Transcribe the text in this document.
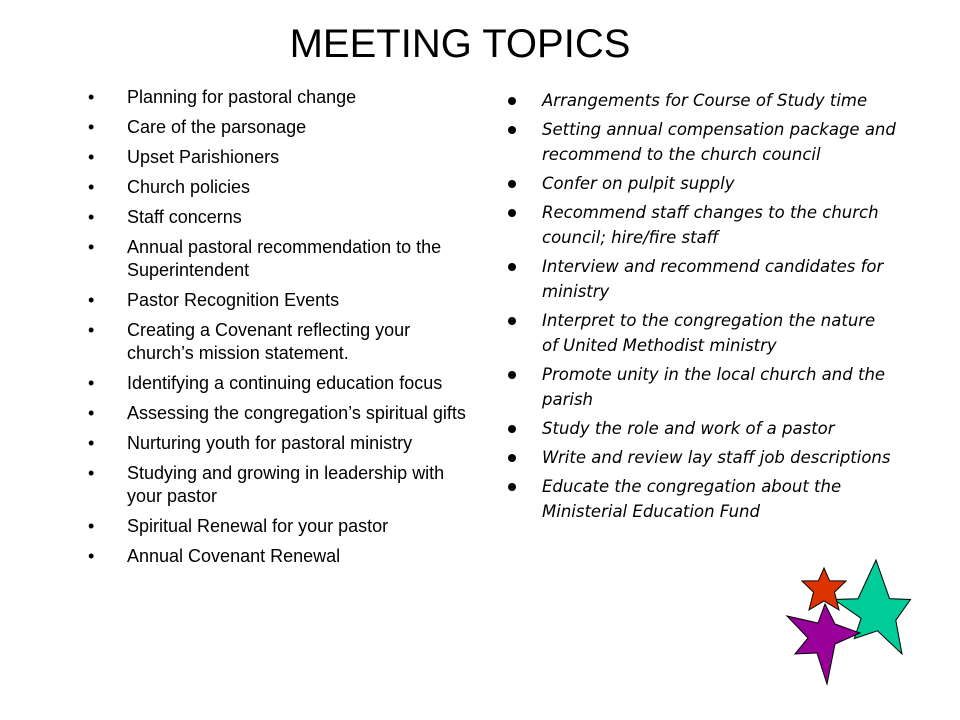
MEETING TOPICS
• Planning for pastoral change
• Care of the parsonage
• Upset Parishioners
• Church policies
• Staff concerns
• Annual pastoral recommendation to the Superintendent
• Pastor Recognition Events
• Creating a Covenant reflecting your church’s mission statement.
• Identifying a continuing education focus
• Assessing the congregation’s spiritual gifts
• Nurturing youth for pastoral ministry
• Studying and growing in leadership with your pastor
• Spiritual Renewal for your pastor
• Annual Covenant Renewal
Arrangements for Course of Study time
Setting annual compensation package and recommend to the church council
Confer on pulpit supply
Recommend staff changes to the church council; hire/fire staff
Interview and recommend candidates for ministry
Interpret to the congregation the nature of United Methodist ministry
Promote unity in the local church and the parish
Study the role and work of a pastor
Write and review lay staff job descriptions
Educate the congregation about the Ministerial Education Fund
